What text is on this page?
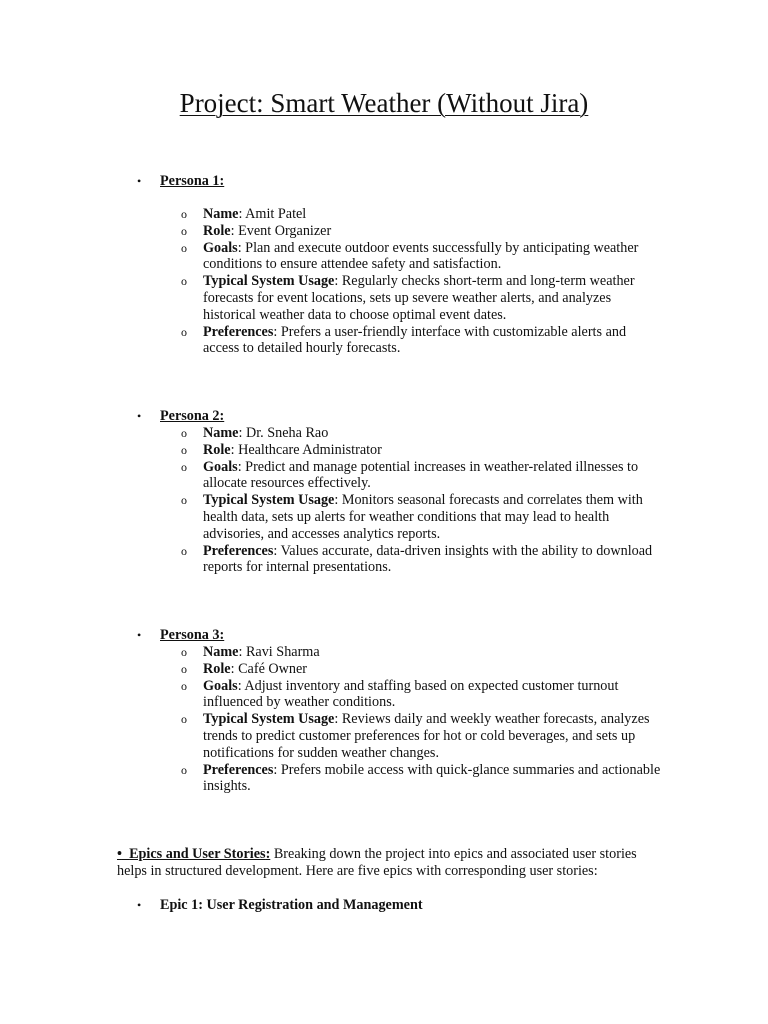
Project: Smart Weather (Without Jira)
• Persona 1:
o Name: Amit Patel
o Role: Event Organizer
o Goals: Plan and execute outdoor events successfully by anticipating weather conditions to ensure attendee safety and satisfaction.
o Typical System Usage: Regularly checks short-term and long-term weather forecasts for event locations, sets up severe weather alerts, and analyzes historical weather data to choose optimal event dates.
o Preferences: Prefers a user-friendly interface with customizable alerts and access to detailed hourly forecasts.
• Persona 2:
o Name: Dr. Sneha Rao
o Role: Healthcare Administrator
o Goals: Predict and manage potential increases in weather-related illnesses to allocate resources effectively.
o Typical System Usage: Monitors seasonal forecasts and correlates them with health data, sets up alerts for weather conditions that may lead to health advisories, and accesses analytics reports.
o Preferences: Values accurate, data-driven insights with the ability to download reports for internal presentations.
• Persona 3:
o Name: Ravi Sharma
o Role: Café Owner
o Goals: Adjust inventory and staffing based on expected customer turnout influenced by weather conditions.
o Typical System Usage: Reviews daily and weekly weather forecasts, analyzes trends to predict customer preferences for hot or cold beverages, and sets up notifications for sudden weather changes.
o Preferences: Prefers mobile access with quick-glance summaries and actionable insights.
• Epics and User Stories: Breaking down the project into epics and associated user stories helps in structured development. Here are five epics with corresponding user stories:
• Epic 1: User Registration and Management
